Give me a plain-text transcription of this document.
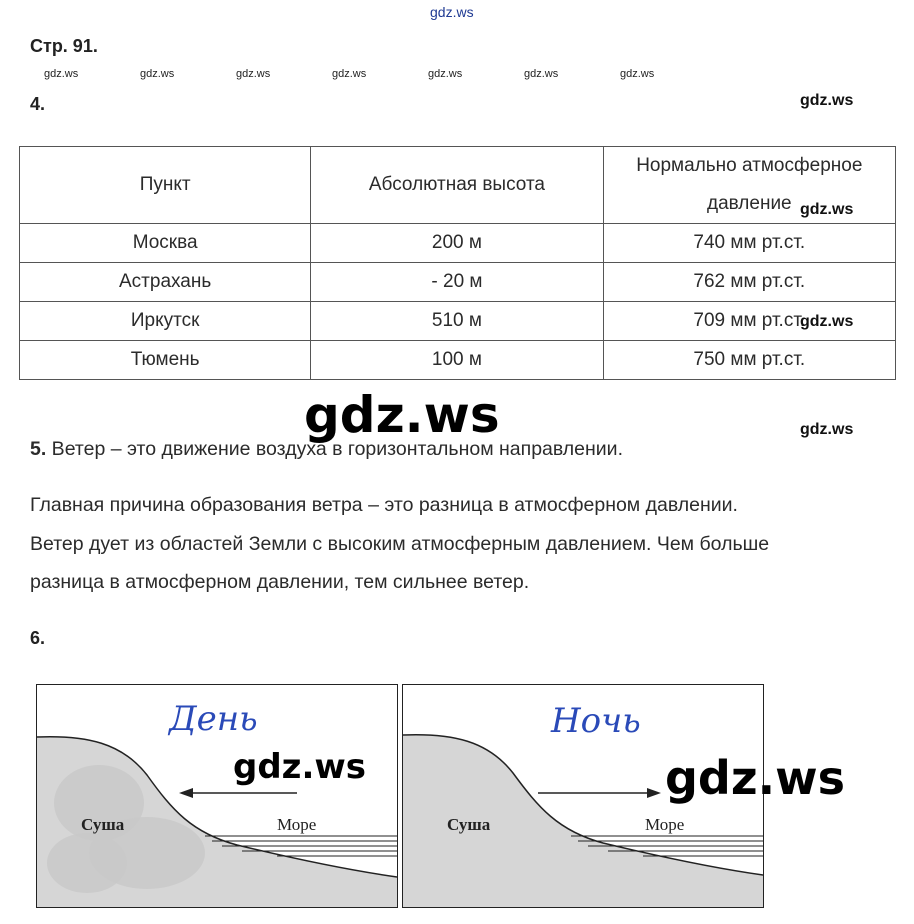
gdz.ws
Стр. 91.
gdz.ws	gdz.ws	gdz.ws	gdz.ws	gdz.ws	gdz.ws	gdz.ws
4.	gdz.ws
Пункт	Абсолютная высота	Нормально атмосферное давление
Москва	200 м	740 мм рт.ст.
Астрахань	- 20 м	762 мм рт.ст.
Иркутск	510 м	709 мм рт.ст.
Тюмень	100 м	750 мм рт.ст.
gdz.ws
gdz.ws
gdz.ws	gdz.ws
5. Ветер – это движение воздуха в горизонтальном направлении.
Главная причина образования ветра – это разница в атмосферном давлении.
Ветер дует из областей Земли с высоким атмосферным давлением. Чем больше
разница в атмосферном давлении, тем сильнее ветер.
6.
День
Суша	Море
gdz.ws
Ночь
Суша	Море
gdz.ws
